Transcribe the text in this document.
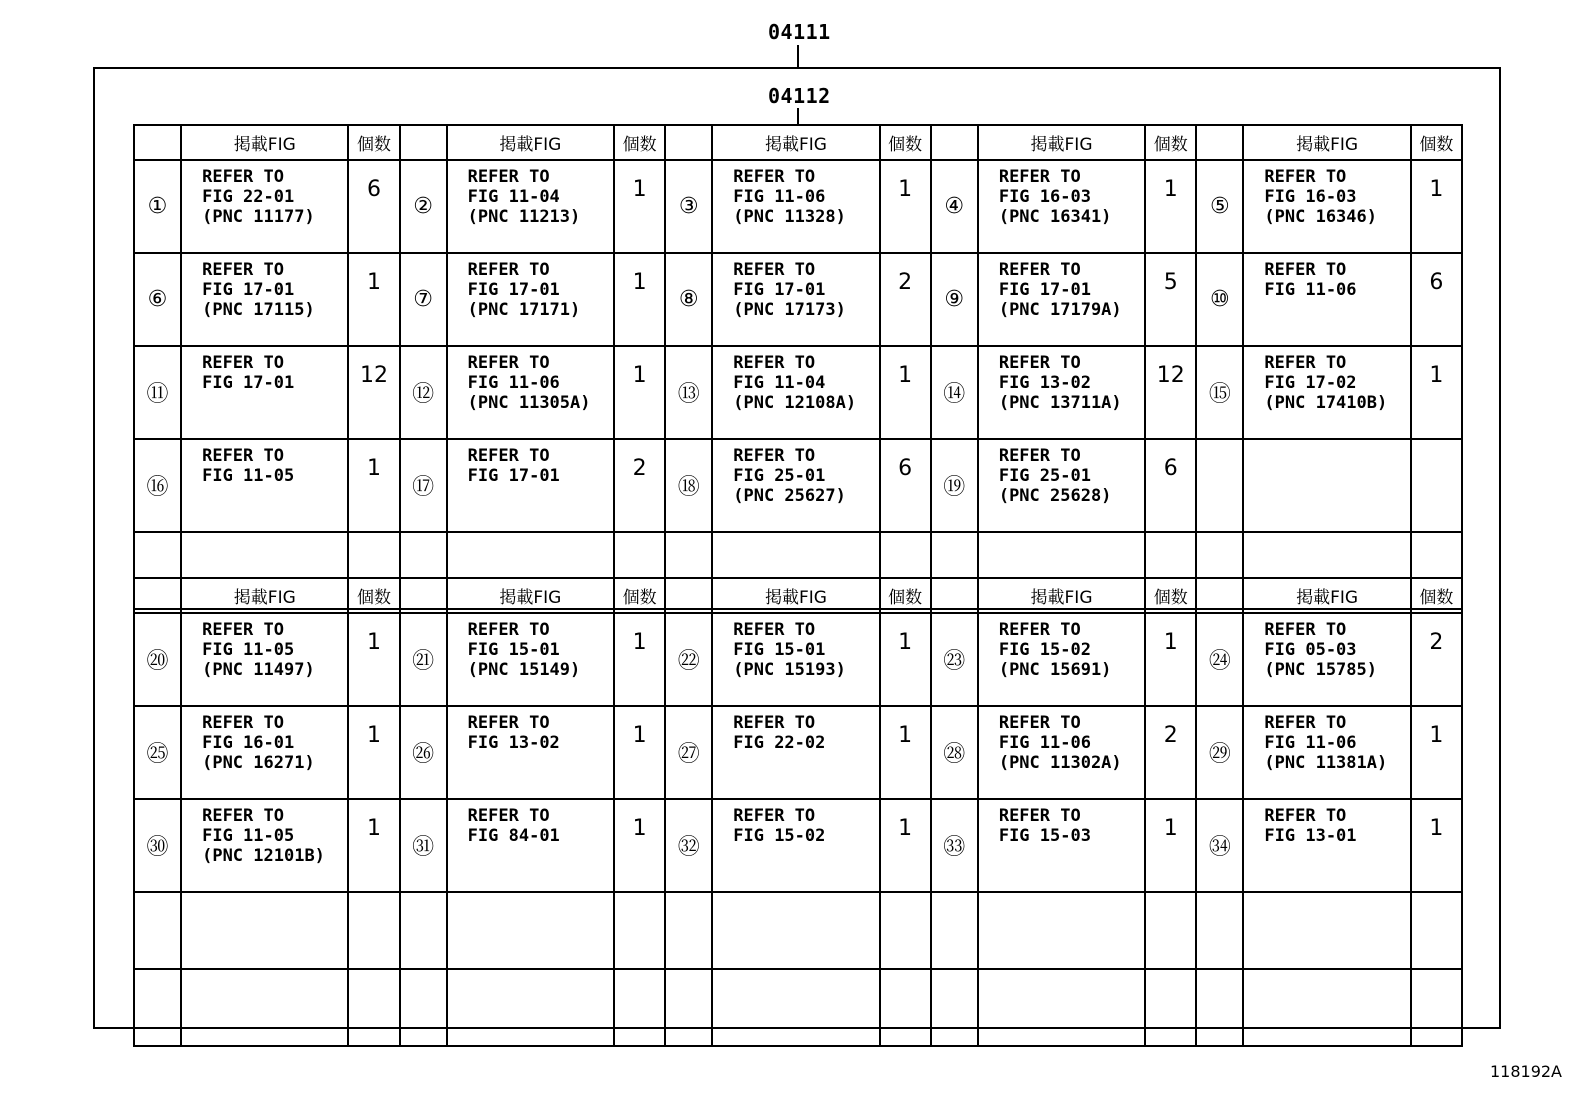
04111
04112
	掲載FIG	個数		掲載FIG	個数		掲載FIG	個数		掲載FIG	個数		掲載FIG	個数
①	REFER TO
FIG 22-01
(PNC 11177)	6	②	REFER TO
FIG 11-04
(PNC 11213)	1	③	REFER TO
FIG 11-06
(PNC 11328)	1	④	REFER TO
FIG 16-03
(PNC 16341)	1	⑤	REFER TO
FIG 16-03
(PNC 16346)	1
⑥	REFER TO
FIG 17-01
(PNC 17115)	1	⑦	REFER TO
FIG 17-01
(PNC 17171)	1	⑧	REFER TO
FIG 17-01
(PNC 17173)	2	⑨	REFER TO
FIG 17-01
(PNC 17179A)	5	⑩	REFER TO
FIG 11-06	6
⑪	REFER TO
FIG 17-01	12	⑫	REFER TO
FIG 11-06
(PNC 11305A)	1	⑬	REFER TO
FIG 11-04
(PNC 12108A)	1	⑭	REFER TO
FIG 13-02
(PNC 13711A)	12	⑮	REFER TO
FIG 17-02
(PNC 17410B)	1
⑯	REFER TO
FIG 11-05	1	⑰	REFER TO
FIG 17-01	2	⑱	REFER TO
FIG 25-01
(PNC 25627)	6	⑲	REFER TO
FIG 25-01
(PNC 25628)	6			

	掲載FIG	個数		掲載FIG	個数		掲載FIG	個数		掲載FIG	個数		掲載FIG	個数
⑳	REFER TO
FIG 11-05
(PNC 11497)	1	㉑	REFER TO
FIG 15-01
(PNC 15149)	1	㉒	REFER TO
FIG 15-01
(PNC 15193)	1	㉓	REFER TO
FIG 15-02
(PNC 15691)	1	㉔	REFER TO
FIG 05-03
(PNC 15785)	2
㉕	REFER TO
FIG 16-01
(PNC 16271)	1	㉖	REFER TO
FIG 13-02	1	㉗	REFER TO
FIG 22-02	1	㉘	REFER TO
FIG 11-06
(PNC 11302A)	2	㉙	REFER TO
FIG 11-06
(PNC 11381A)	1
㉚	REFER TO
FIG 11-05
(PNC 12101B)	1	㉛	REFER TO
FIG 84-01	1	㉜	REFER TO
FIG 15-02	1	㉝	REFER TO
FIG 15-03	1	㉞	REFER TO
FIG 13-01	1

118192A
